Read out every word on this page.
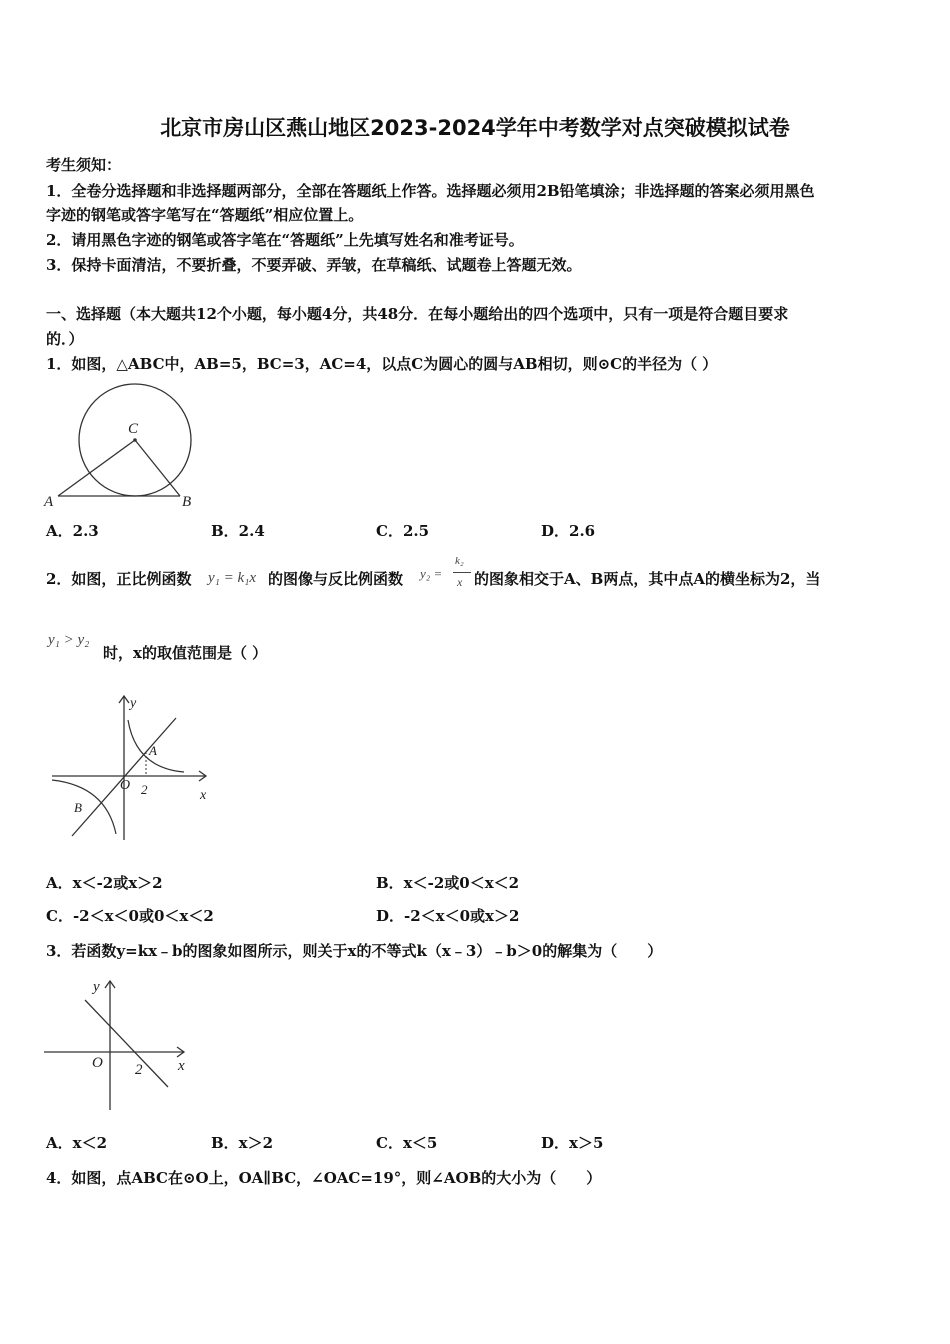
北京市房山区燕山地区2023-2024学年中考数学对点突破模拟试卷
考生须知：
1．全卷分选择题和非选择题两部分，全部在答题纸上作答。选择题必须用2B铅笔填涂；非选择题的答案必须用黑色
字迹的钢笔或答字笔写在“答题纸”相应位置上。
2．请用黑色字迹的钢笔或答字笔在“答题纸”上先填写姓名和准考证号。
3．保持卡面清洁，不要折叠，不要弄破、弄皱，在草稿纸、试题卷上答题无效。
一、选择题（本大题共12个小题，每小题4分，共48分．在每小题给出的四个选项中，只有一项是符合题目要求
的．）
1．如图，△ABC中，AB=5，BC=3，AC=4，以点C为圆心的圆与AB相切，则⊙C的半径为（ ）
C
A	B
A．2.3	B．2.4	C．2.5	D．2.6
2．如图，正比例函数 y₁ = k₁x 的图像与反比例函数 y₂ =
k₂
x 的图象相交于A、B两点，其中点A的横坐标为2，当
y₁ > y₂
时，x的取值范围是（ ）
y
x
O 2
A
B
A．x＜-2或x＞2	B．x＜-2或0＜x＜2
C．-2＜x＜0或0＜x＜2	D．-2＜x＜0或x＞2
3．若函数y=kx﹣b的图象如图所示，则关于x的不等式k（x﹣3）﹣b＞0的解集为（　　）
y
x
O 2
A．x＜2	B．x＞2	C．x＜5	D．x＞5
4．如图，点ABC在⊙O上，OA∥BC，∠OAC=19°，则∠AOB的大小为（　　）
